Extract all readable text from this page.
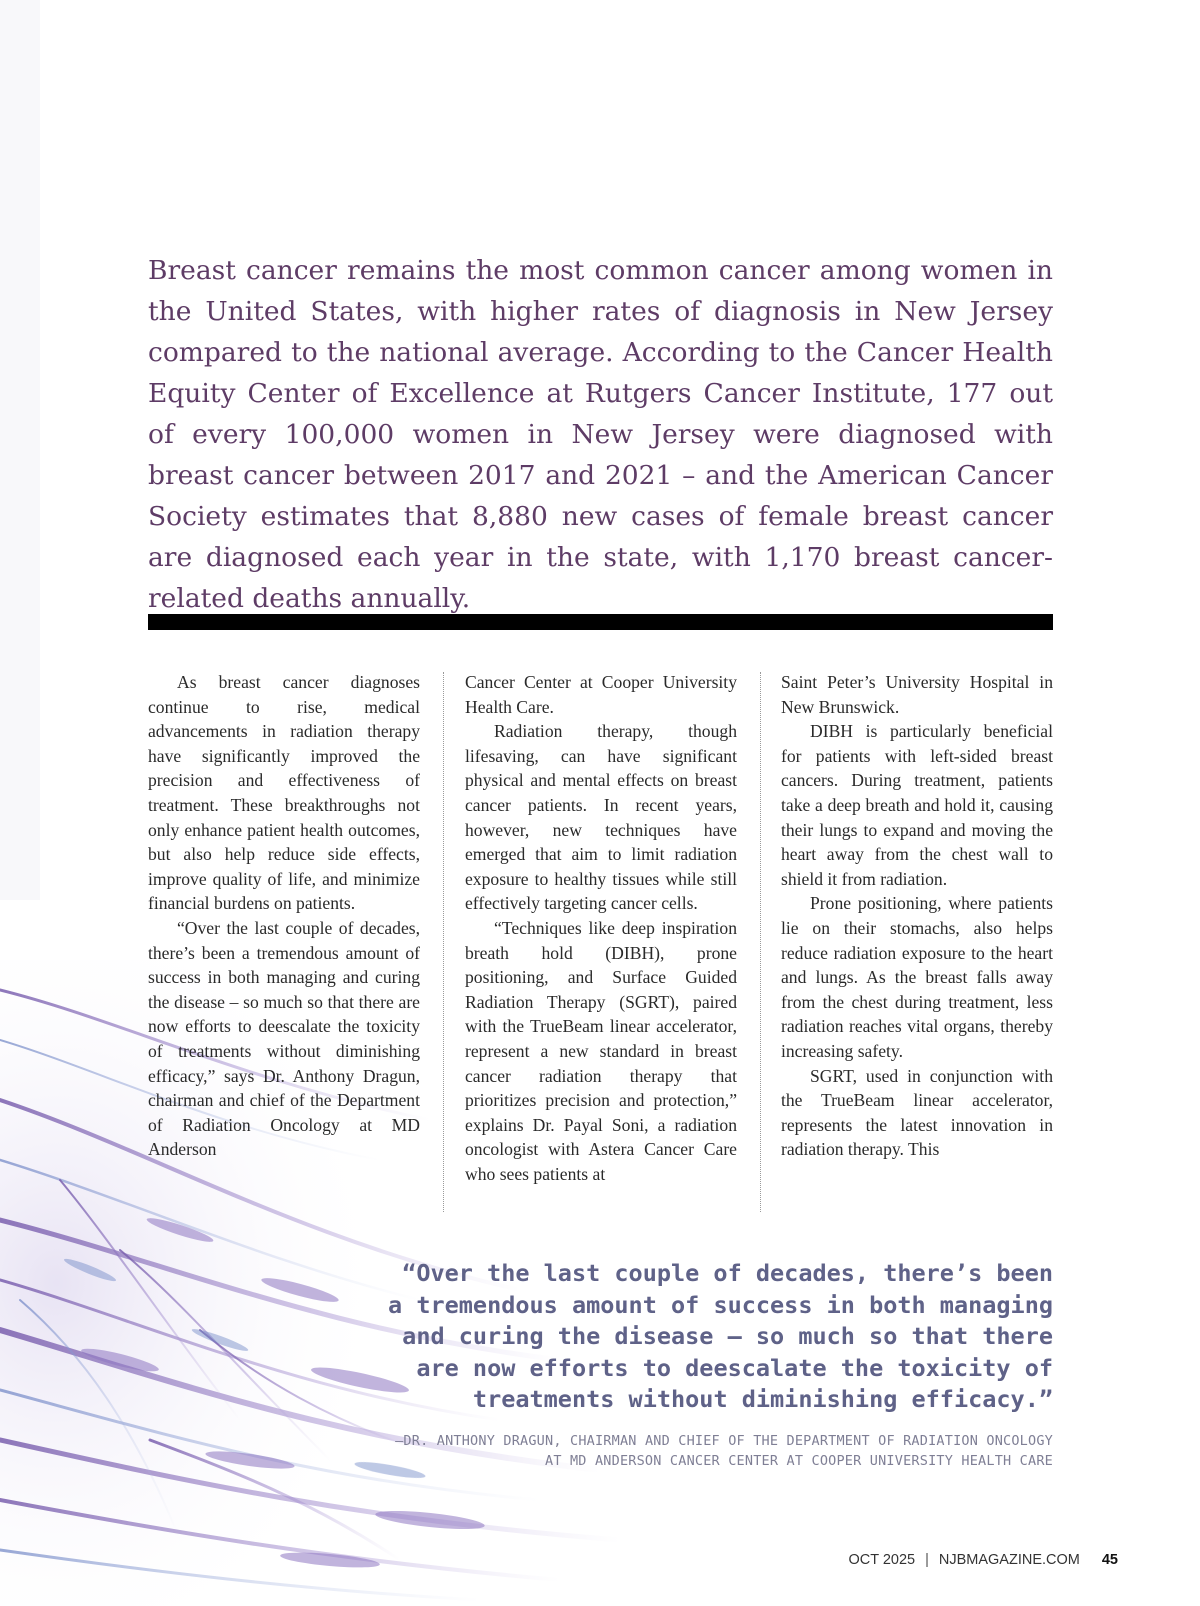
Breast cancer remains the most common cancer among women in the United States, with higher rates of diagnosis in New Jersey compared to the national average. According to the Cancer Health Equity Center of Excellence at Rutgers Cancer Institute, 177 out of every 100,000 women in New Jersey were diagnosed with breast cancer between 2017 and 2021 – and the American Cancer Society estimates that 8,880 new cases of female breast cancer are diagnosed each year in the state, with 1,170 breast cancer-related deaths annually.

As breast cancer diagnoses continue to rise, medical advancements in radiation therapy have significantly improved the precision and effectiveness of treatment. These breakthroughs not only enhance patient health outcomes, but also help reduce side effects, improve quality of life, and minimize financial burdens on patients.

“Over the last couple of decades, there’s been a tremendous amount of success in both managing and curing the disease – so much so that there are now efforts to deescalate the toxicity of treatments without diminishing efficacy,” says Dr. Anthony Dragun, chairman and chief of the Department of Radiation Oncology at MD Anderson

Cancer Center at Cooper University Health Care.

Radiation therapy, though lifesaving, can have significant physical and mental effects on breast cancer patients. In recent years, however, new techniques have emerged that aim to limit radiation exposure to healthy tissues while still effectively targeting cancer cells.

“Techniques like deep inspiration breath hold (DIBH), prone positioning, and Surface Guided Radiation Therapy (SGRT), paired with the TrueBeam linear accelerator, represent a new standard in breast cancer radiation therapy that prioritizes precision and protection,” explains Dr. Payal Soni, a radiation oncologist with Astera Cancer Care who sees patients at

Saint Peter’s University Hospital in New Brunswick.

DIBH is particularly beneficial for patients with left-sided breast cancers. During treatment, patients take a deep breath and hold it, causing their lungs to expand and moving the heart away from the chest wall to shield it from radiation.

Prone positioning, where patients lie on their stomachs, also helps reduce radiation exposure to the heart and lungs. As the breast falls away from the chest during treatment, less radiation reaches vital organs, thereby increasing safety.

SGRT, used in conjunction with the TrueBeam linear accelerator, represents the latest innovation in radiation therapy. This

“Over the last couple of decades, there’s been a tremendous amount of success in both managing and curing the disease – so much so that there are now efforts to deescalate the toxicity of treatments without diminishing efficacy.”

–DR. ANTHONY DRAGUN, CHAIRMAN AND CHIEF OF THE DEPARTMENT OF RADIATION ONCOLOGY AT MD ANDERSON CANCER CENTER AT COOPER UNIVERSITY HEALTH CARE

OCT 2025 | NJBMAGAZINE.COM 45
